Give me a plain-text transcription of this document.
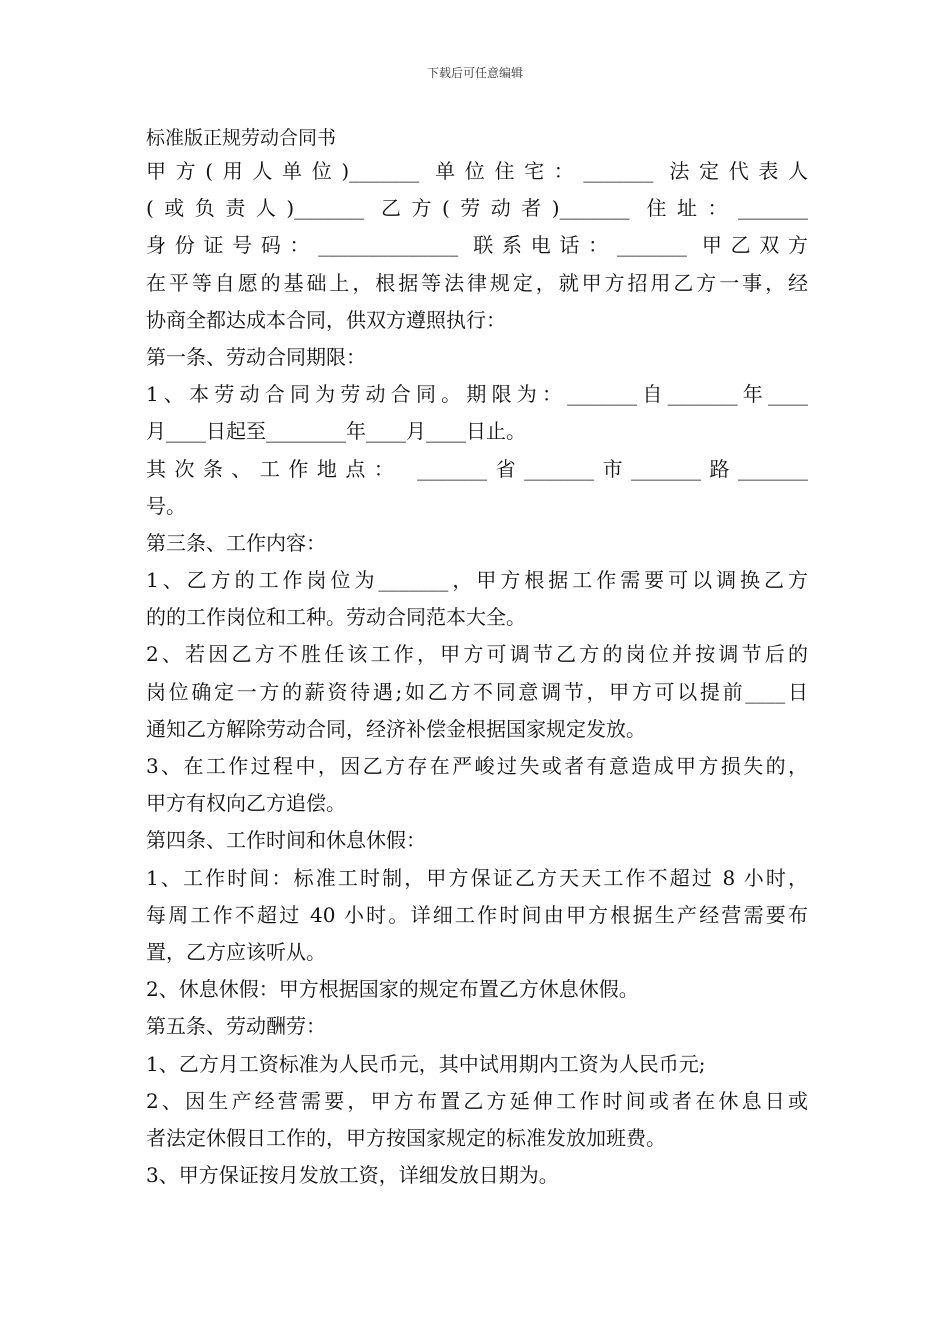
下载后可任意编辑
标准版正规劳动合同书
甲方(用人单位)_______ 单位住宅：_______ 法定代表人
(或负责人)_______ 乙方(劳动者)_______ 住址：_______
身份证号码：______________ 联系电话：_______ 甲乙双方
在平等自愿的基础上，根据等法律规定，就甲方招用乙方一事，经
协商全都达成本合同，供双方遵照执行：
第一条、劳动合同期限：
1、本劳动合同为劳动合同。期限为：_______自_______年____
月____日起至________年____月____日止。
其次条、工作地点： _______省_______市_______路_______
号。
第三条、工作内容：
1、乙方的工作岗位为_______，甲方根据工作需要可以调换乙方
的的工作岗位和工种。劳动合同范本大全。
2、若因乙方不胜任该工作，甲方可调节乙方的岗位并按调节后的
岗位确定一方的薪资待遇;如乙方不同意调节，甲方可以提前____日
通知乙方解除劳动合同，经济补偿金根据国家规定发放。
3、在工作过程中，因乙方存在严峻过失或者有意造成甲方损失的，
甲方有权向乙方追偿。
第四条、工作时间和休息休假：
1、工作时间：标准工时制，甲方保证乙方天天工作不超过 8 小时，
每周工作不超过 40 小时。详细工作时间由甲方根据生产经营需要布
置，乙方应该听从。
2、休息休假：甲方根据国家的规定布置乙方休息休假。
第五条、劳动酬劳：
1、乙方月工资标准为人民币元，其中试用期内工资为人民币元;
2、因生产经营需要，甲方布置乙方延伸工作时间或者在休息日或
者法定休假日工作的，甲方按国家规定的标准发放加班费。
3、甲方保证按月发放工资，详细发放日期为。
